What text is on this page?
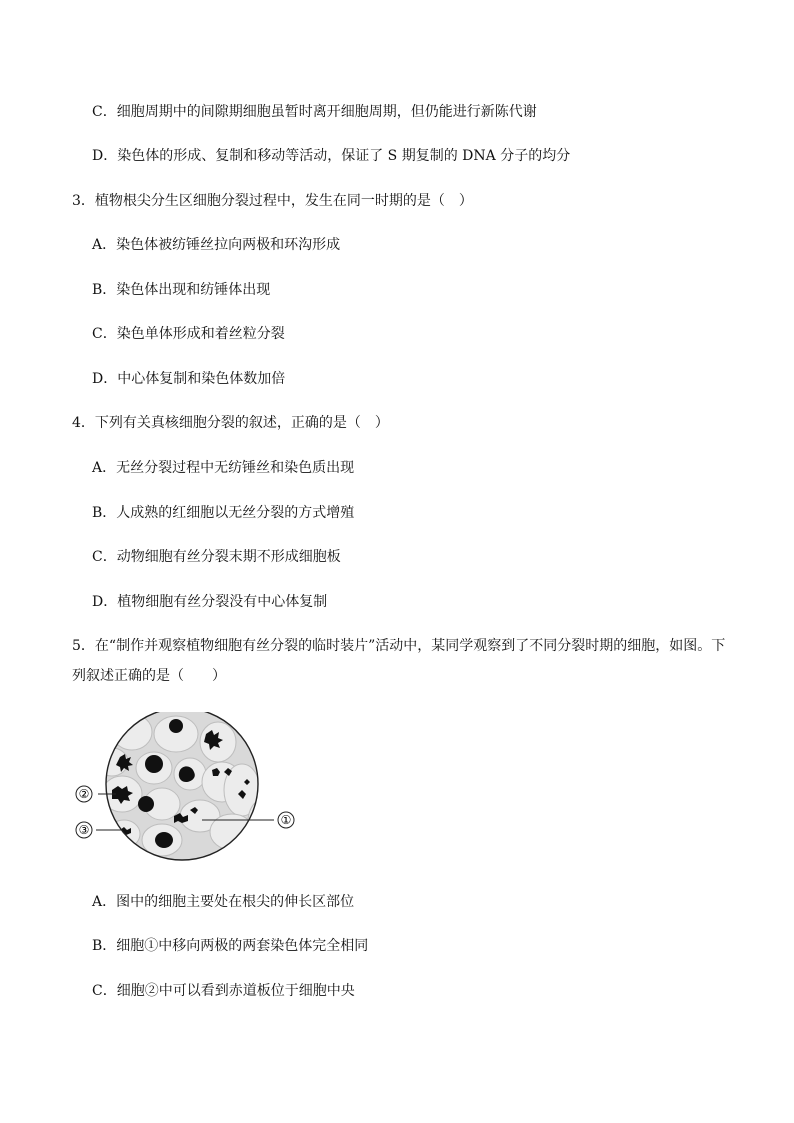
C．细胞周期中的间隙期细胞虽暂时离开细胞周期，但仍能进行新陈代谢
D．染色体的形成、复制和移动等活动，保证了 S 期复制的 DNA 分子的均分
3．植物根尖分生区细胞分裂过程中，发生在同一时期的是（　）
A．染色体被纺锤丝拉向两极和环沟形成
B．染色体出现和纺锤体出现
C．染色单体形成和着丝粒分裂
D．中心体复制和染色体数加倍
4．下列有关真核细胞分裂的叙述，正确的是（　）
A．无丝分裂过程中无纺锤丝和染色质出现
B．人成熟的红细胞以无丝分裂的方式增殖
C．动物细胞有丝分裂末期不形成细胞板
D．植物细胞有丝分裂没有中心体复制
5．在“制作并观察植物细胞有丝分裂的临时装片”活动中，某同学观察到了不同分裂时期的细胞，如图。下
列叙述正确的是（　　）
②
③
①
A．图中的细胞主要处在根尖的伸长区部位
B．细胞①中移向两极的两套染色体完全相同
C．细胞②中可以看到赤道板位于细胞中央
